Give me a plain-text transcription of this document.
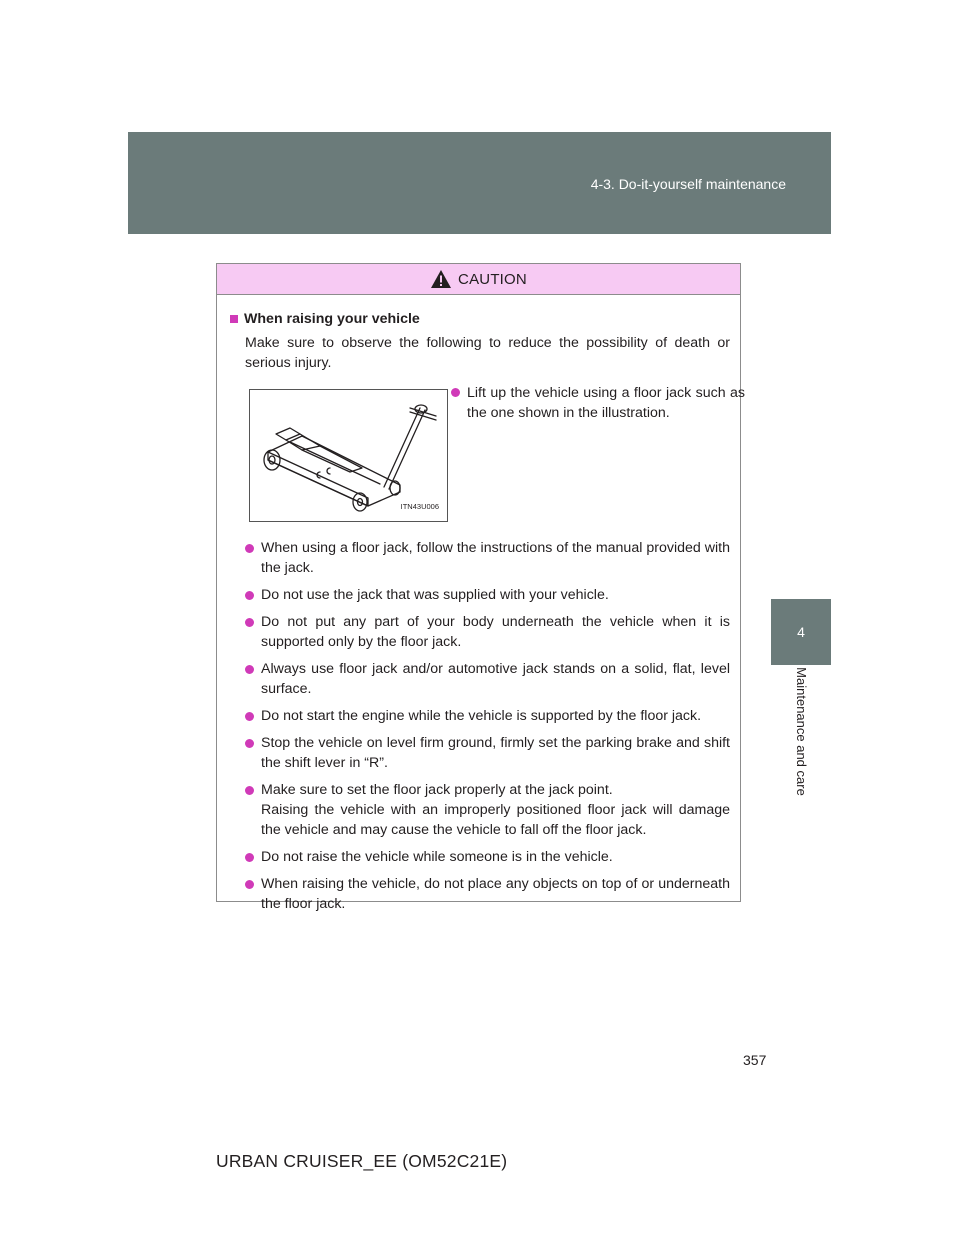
4-3. Do-it-yourself maintenance
4
Maintenance and care
CAUTION
When raising your vehicle
Make sure to observe the following to reduce the possibility of death or serious injury.
ITN43U006
Lift up the vehicle using a floor jack such as the one shown in the illustration.
When using a floor jack, follow the instructions of the manual provided with the jack.
Do not use the jack that was supplied with your vehicle.
Do not put any part of your body underneath the vehicle when it is supported only by the floor jack.
Always use floor jack and/or automotive jack stands on a solid, flat, level surface.
Do not start the engine while the vehicle is supported by the floor jack.
Stop the vehicle on level firm ground, firmly set the parking brake and shift the shift lever in “R”.
Make sure to set the floor jack properly at the jack point.
Raising the vehicle with an improperly positioned floor jack will damage the vehicle and may cause the vehicle to fall off the floor jack.
Do not raise the vehicle while someone is in the vehicle.
When raising the vehicle, do not place any objects on top of or underneath the floor jack.
357
URBAN CRUISER_EE (OM52C21E)
